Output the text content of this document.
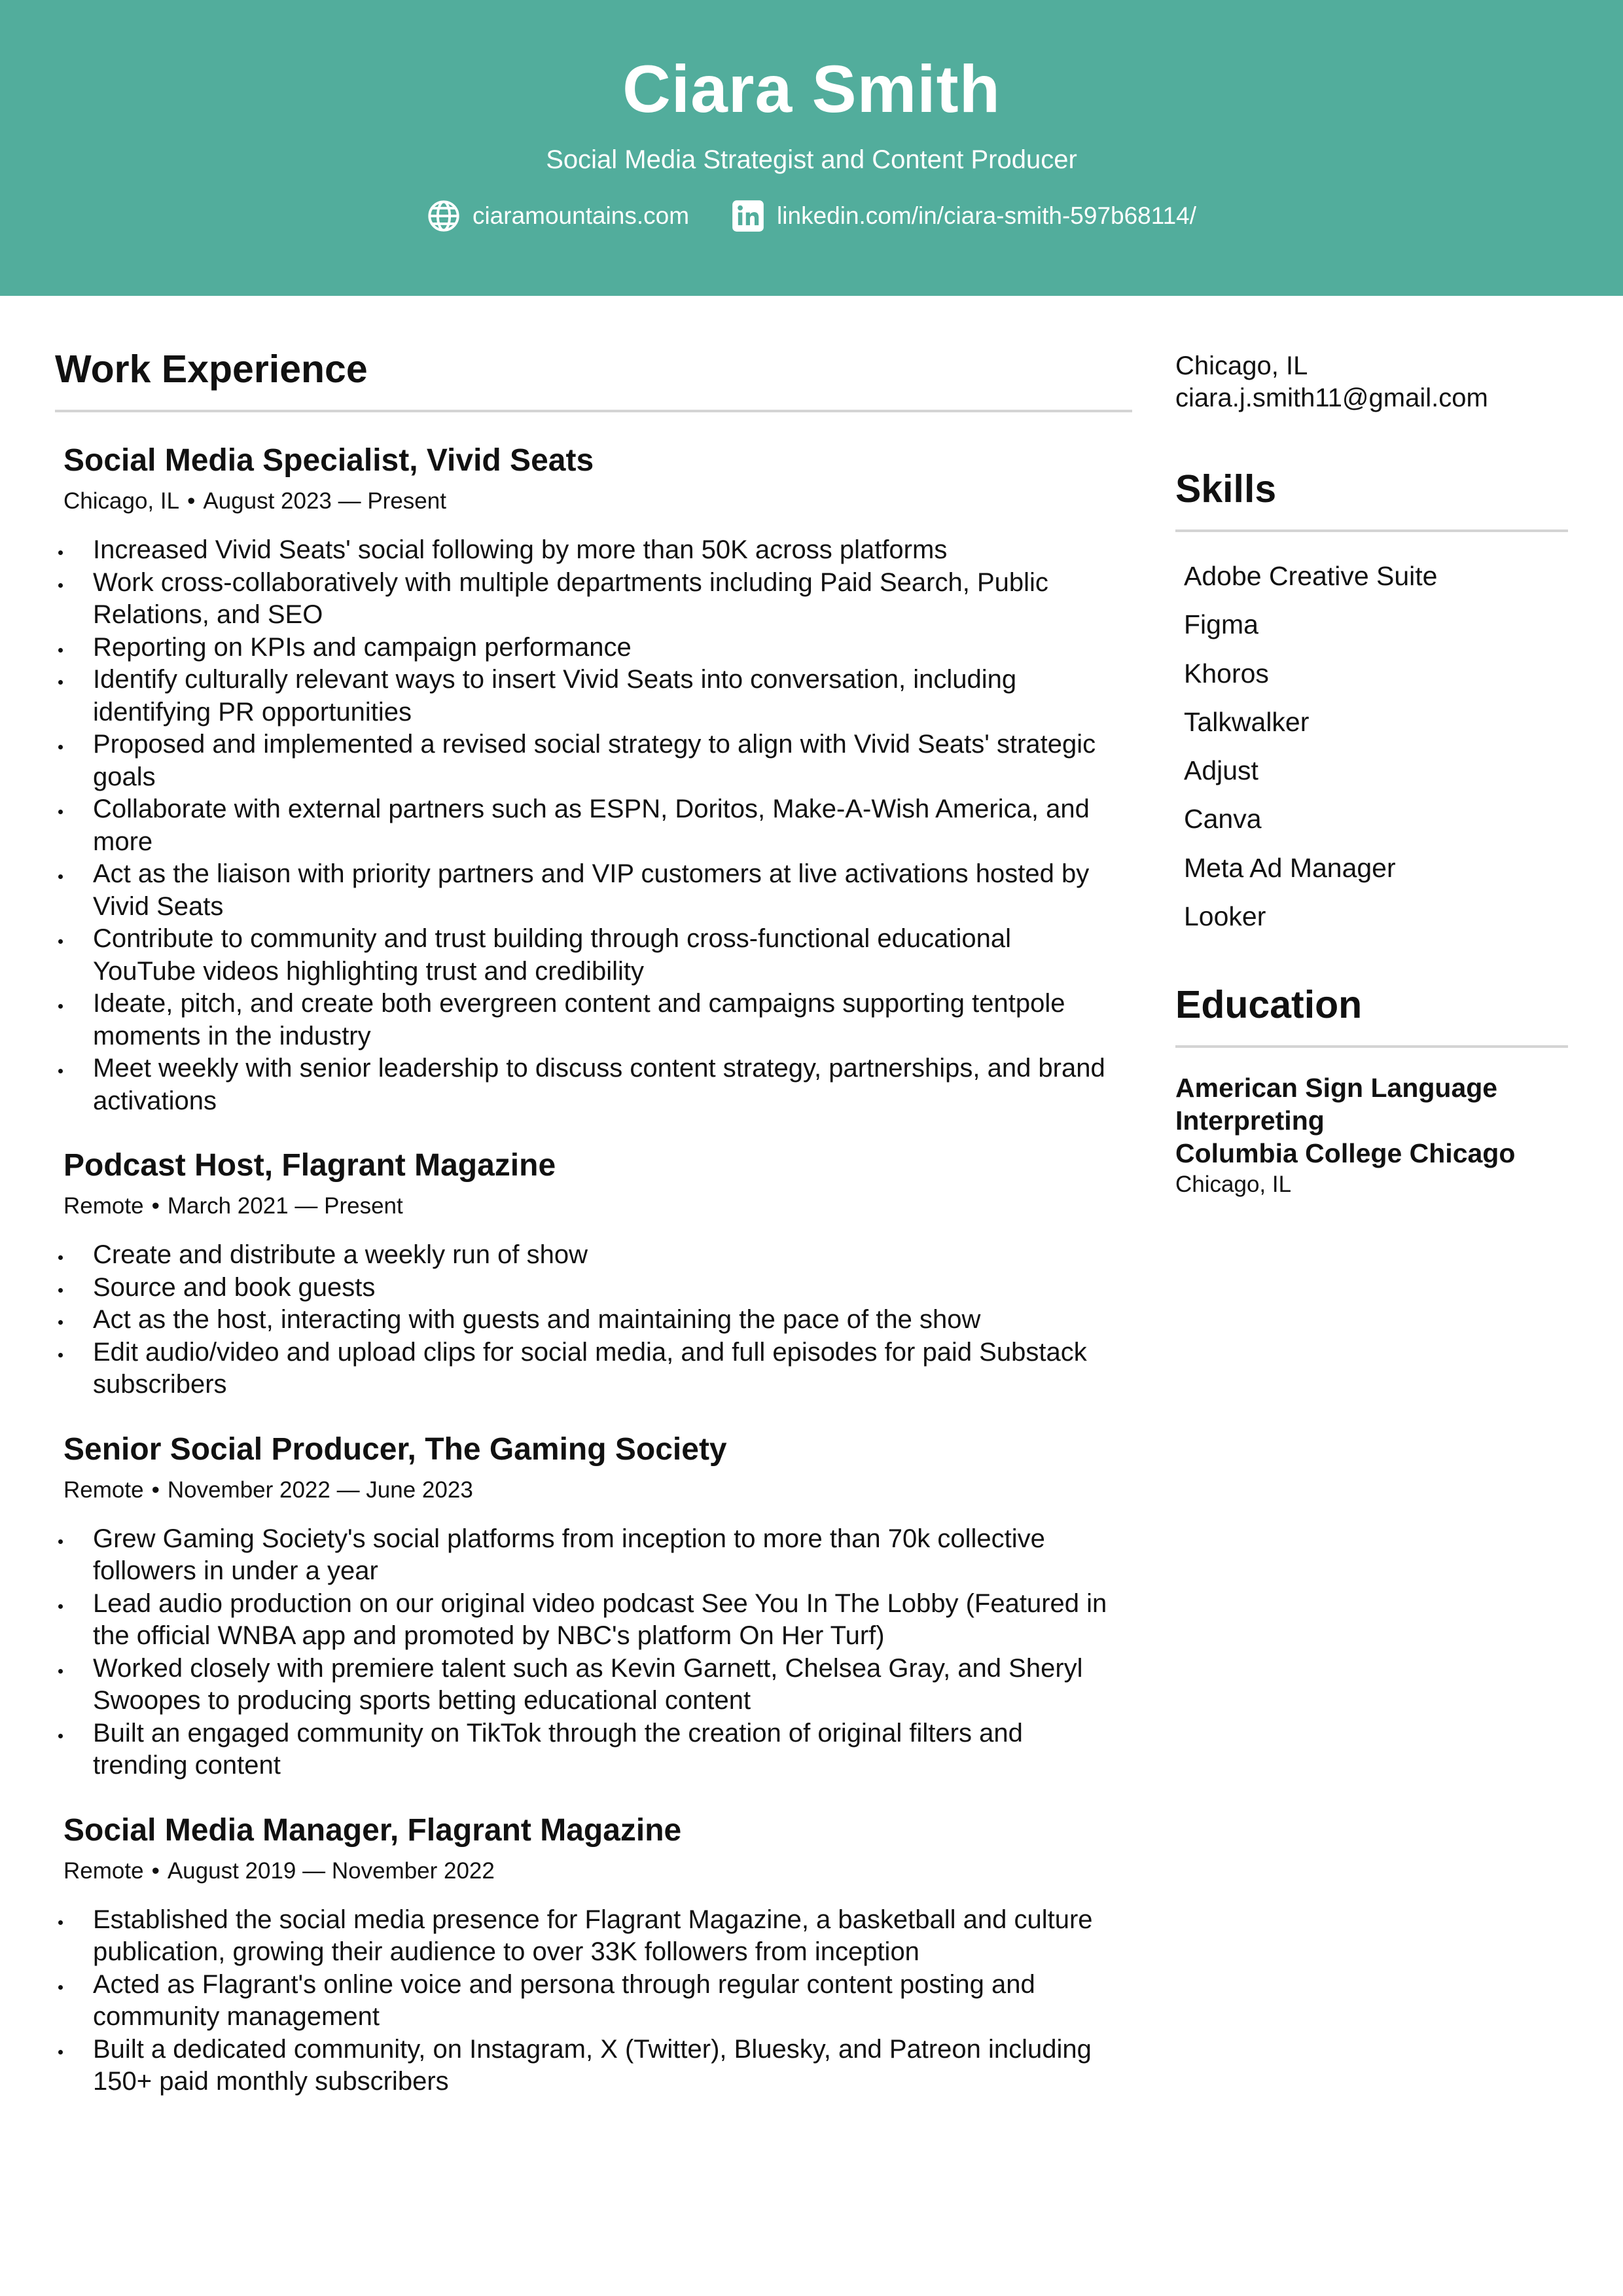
Ciara Smith
Social Media Strategist and Content Producer
ciaramountains.com	linkedin.com/in/ciara-smith-597b68114/
Work Experience
Social Media Specialist, Vivid Seats
Chicago, IL • August 2023 — Present
Increased Vivid Seats' social following by more than 50K across platforms
Work cross-collaboratively with multiple departments including Paid Search, Public Relations, and SEO
Reporting on KPIs and campaign performance
Identify culturally relevant ways to insert Vivid Seats into conversation, including identifying PR opportunities
Proposed and implemented a revised social strategy to align with Vivid Seats' strategic goals
Collaborate with external partners such as ESPN, Doritos, Make-A-Wish America, and more
Act as the liaison with priority partners and VIP customers at live activations hosted by Vivid Seats
Contribute to community and trust building through cross-functional educational YouTube videos highlighting trust and credibility
Ideate, pitch, and create both evergreen content and campaigns supporting tentpole moments in the industry
Meet weekly with senior leadership to discuss content strategy, partnerships, and brand activations
Podcast Host, Flagrant Magazine
Remote • March 2021 — Present
Create and distribute a weekly run of show
Source and book guests
Act as the host, interacting with guests and maintaining the pace of the show
Edit audio/video and upload clips for social media, and full episodes for paid Substack subscribers
Senior Social Producer, The Gaming Society
Remote • November 2022 — June 2023
Grew Gaming Society's social platforms from inception to more than 70k collective followers in under a year
Lead audio production on our original video podcast See You In The Lobby (Featured in the official WNBA app and promoted by NBC's platform On Her Turf)
Worked closely with premiere talent such as Kevin Garnett, Chelsea Gray, and Sheryl Swoopes to producing sports betting educational content
Built an engaged community on TikTok through the creation of original filters and trending content
Social Media Manager, Flagrant Magazine
Remote • August 2019 — November 2022
Established the social media presence for Flagrant Magazine, a basketball and culture publication, growing their audience to over 33K followers from inception
Acted as Flagrant's online voice and persona through regular content posting and community management
Built a dedicated community, on Instagram, X (Twitter), Bluesky, and Patreon including 150+ paid monthly subscribers
Chicago, IL
ciara.j.smith11@gmail.com
Skills
Adobe Creative Suite
Figma
Khoros
Talkwalker
Adjust
Canva
Meta Ad Manager
Looker
Education
American Sign Language Interpreting
Columbia College Chicago
Chicago, IL
